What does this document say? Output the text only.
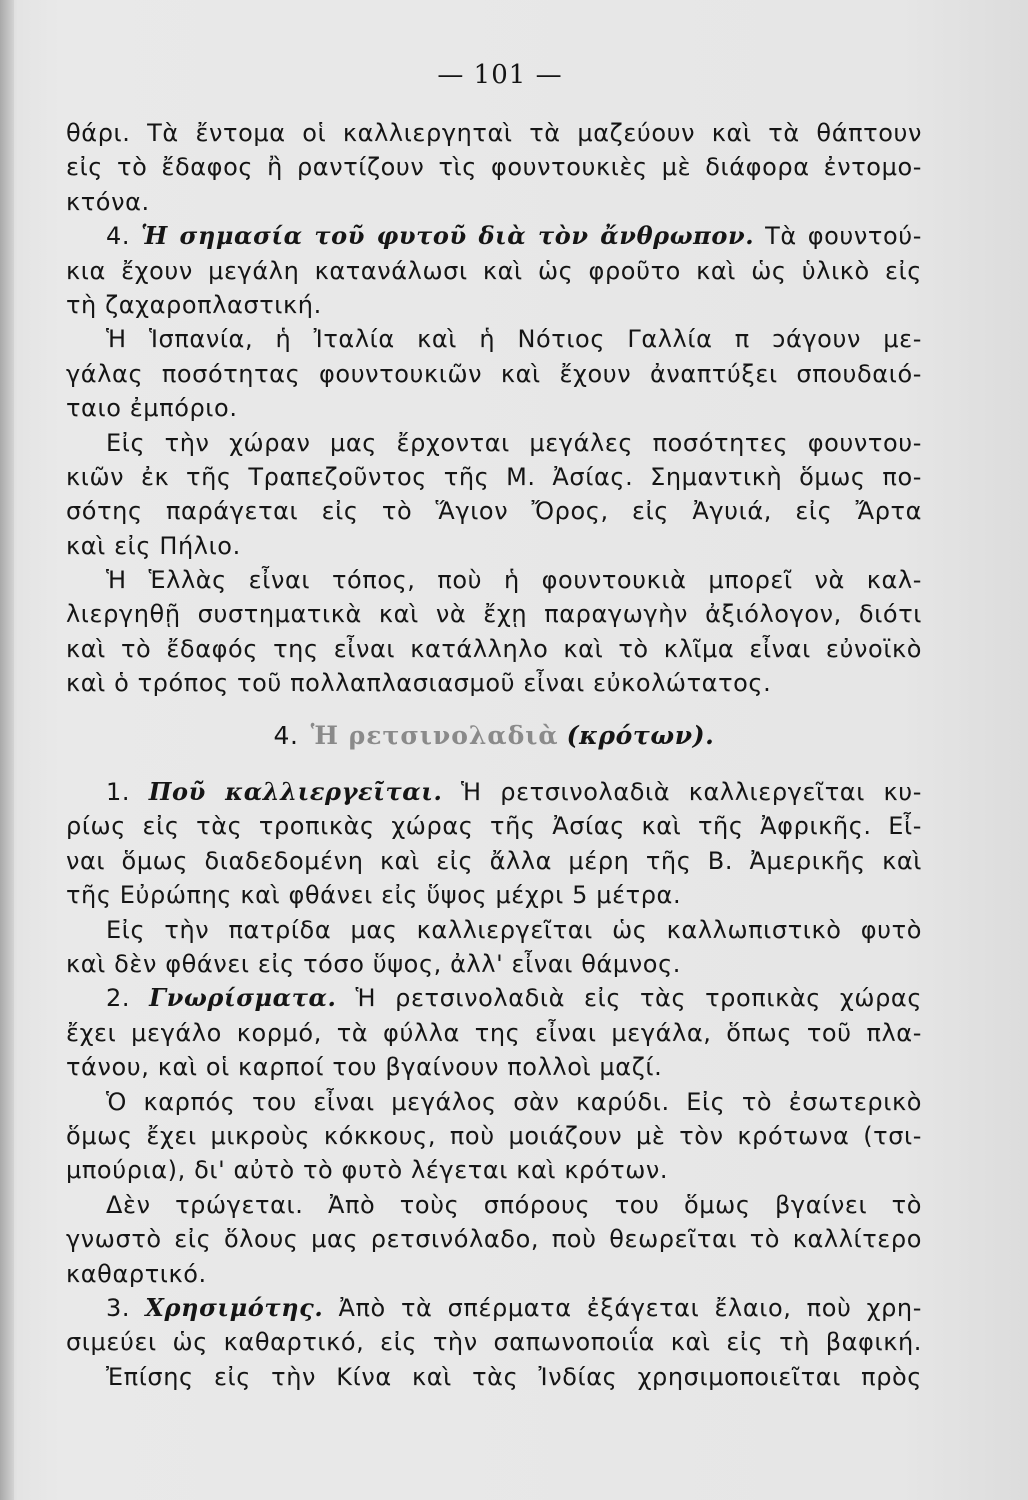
— 101 —
θάρι. Τὰ ἔντομα οἱ καλλιεργηταὶ τὰ μαζεύουν καὶ τὰ θάπτουν
εἰς τὸ ἔδαφος ἢ ραντίζουν τὶς φουντουκιὲς μὲ διάφορα ἐντομο-
κτόνα.
4. Ἡ σημασία τοῦ φυτοῦ διὰ τὸν ἄνθρωπον. Τὰ φουντού-
κια ἔχουν μεγάλη κατανάλωσι καὶ ὡς φροῦτο καὶ ὡς ὑλικὸ εἰς
τὴ ζαχαροπλαστική.
Ἡ Ἱσπανία, ἡ Ἰταλία καὶ ἡ Νότιος Γαλλία π ɔάγουν με-
γάλας ποσότητας φουντουκιῶν καὶ ἔχουν ἀναπτύξει σπουδαιό-
ταιο ἐμπόριο.
Εἰς τὴν χώραν μας ἔρχονται μεγάλες ποσότητες φουντου-
κιῶν ἐκ τῆς Τραπεζοῦντος τῆς Μ. Ἀσίας. Σημαντικὴ ὅμως πο-
σότης παράγεται εἰς τὸ Ἅγιον Ὄρος, εἰς Ἀγυιά, εἰς Ἄρτα
καὶ εἰς Πήλιο.
Ἡ Ἑλλὰς εἶναι τόπος, ποὺ ἡ φουντουκιὰ μπορεῖ νὰ καλ-
λιεργηθῇ συστηματικὰ καὶ νὰ ἔχῃ παραγωγὴν ἀξιόλογον, διότι
καὶ τὸ ἔδαφός της εἶναι κατάλληλο καὶ τὸ κλῖμα εἶναι εὐνοϊκὸ
καὶ ὁ τρόπος τοῦ πολλαπλασιασμοῦ εἶναι εὐκολώτατος.
4. Ἡ ρετσινολαδιὰ (κρότων).
1. Ποῦ καλλιεργεῖται. Ἡ ρετσινολαδιὰ καλλιεργεῖται κυ-
ρίως εἰς τὰς τροπικὰς χώρας τῆς Ἀσίας καὶ τῆς Ἀφρικῆς. Εἶ-
ναι ὅμως διαδεδομένη καὶ εἰς ἄλλα μέρη τῆς Β. Ἀμερικῆς καὶ
τῆς Εὐρώπης καὶ φθάνει εἰς ὕψος μέχρι 5 μέτρα.
Εἰς τὴν πατρίδα μας καλλιεργεῖται ὡς καλλωπιστικὸ φυτὸ
καὶ δὲν φθάνει εἰς τόσο ὕψος, ἀλλ' εἶναι θάμνος.
2. Γνωρίσματα. Ἡ ρετσινολαδιὰ εἰς τὰς τροπικὰς χώρας
ἔχει μεγάλο κορμό, τὰ φύλλα της εἶναι μεγάλα, ὅπως τοῦ πλα-
τάνου, καὶ οἱ καρποί του βγαίνουν πολλοὶ μαζί.
Ὁ καρπός του εἶναι μεγάλος σὰν καρύδι. Εἰς τὸ ἐσωτερικὸ
ὅμως ἔχει μικροὺς κόκκους, ποὺ μοιάζουν μὲ τὸν κρότωνα (τσι-
μπούρια), δι' αὐτὸ τὸ φυτὸ λέγεται καὶ κρότων.
Δὲν τρώγεται. Ἀπὸ τοὺς σπόρους του ὅμως βγαίνει τὸ
γνωστὸ εἰς ὅλους μας ρετσινόλαδο, ποὺ θεωρεῖται τὸ καλλίτερο
καθαρτικό.
3. Χρησιμότης. Ἀπὸ τὰ σπέρματα ἐξάγεται ἔλαιο, ποὺ χρη-
σιμεύει ὡς καθαρτικό, εἰς τὴν σαπωνοποιΐα καὶ εἰς τὴ βαφική.
Ἐπίσης εἰς τὴν Κίνα καὶ τὰς Ἰνδίας χρησιμοποιεῖται πρὸς
